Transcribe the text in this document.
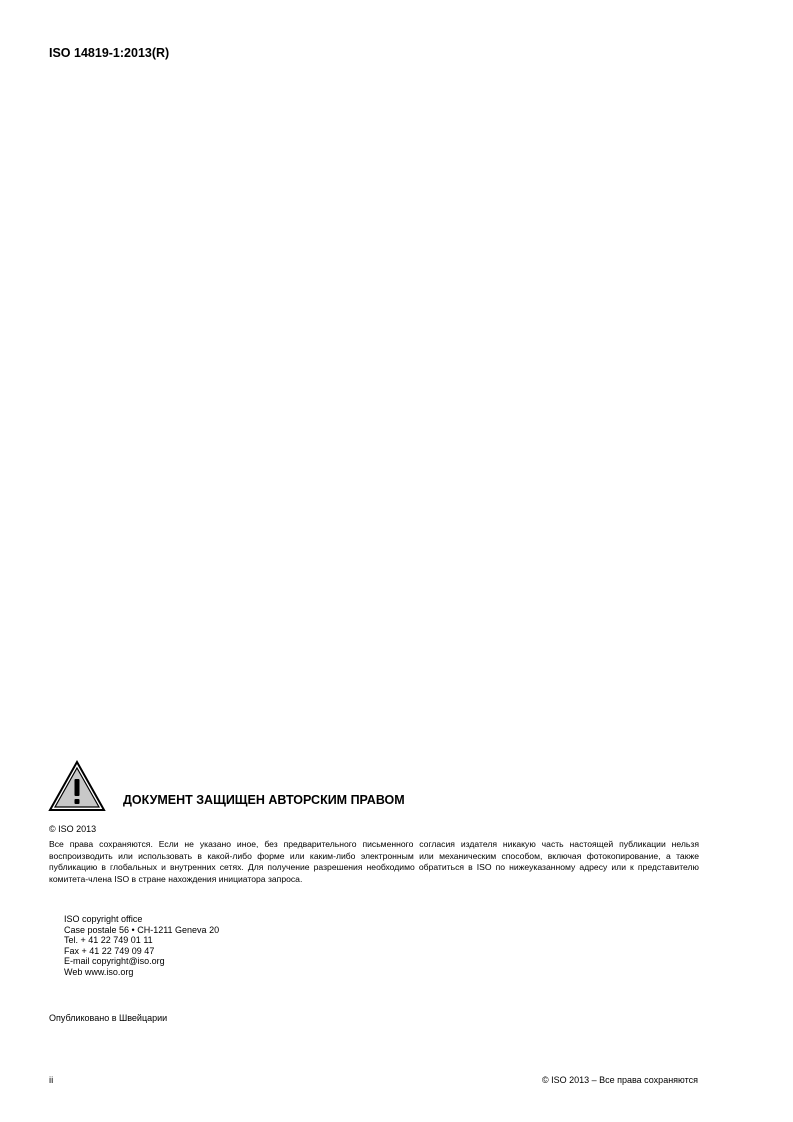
ISO 14819-1:2013(R)
ДОКУМЕНТ ЗАЩИЩЕН АВТОРСКИМ ПРАВОМ
© ISO 2013
Все права сохраняются. Если не указано иное, без предварительного письменного согласия издателя никакую часть настоящей публикации нельзя воспроизводить или использовать в какой-либо форме или каким-либо электронным или механическим способом, включая фотокопирование, а также публикацию в глобальных и внутренних сетях. Для получение разрешения необходимо обратиться в ISO по нижеуказанному адресу или к представителю комитета-члена ISO в стране нахождения инициатора запроса.
ISO copyright office
Case postale 56 • CH-1211 Geneva 20
Tel. + 41 22 749 01 11
Fax + 41 22 749 09 47
E-mail copyright@iso.org
Web www.iso.org
Опубликовано в Швейцарии
ii	© ISO 2013 – Все права сохраняются
